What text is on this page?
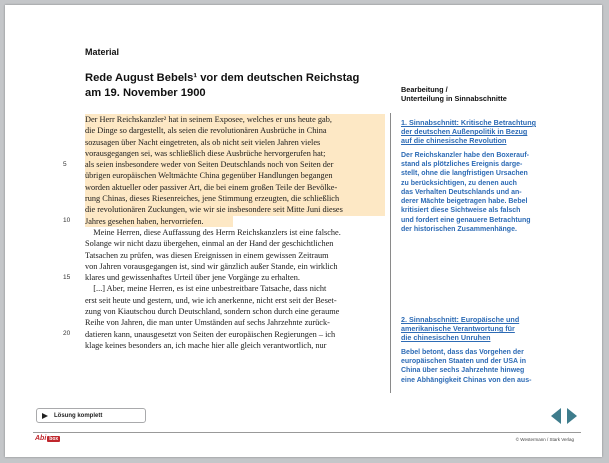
Material
Rede August Bebels¹ vor dem deutschen Reichstag
am 19. November 1900
5
10
15
20
Der Herr Reichskanzler² hat in seinem Exposee, welches er uns heute gab,
die Dinge so dargestellt, als seien die revolutionären Ausbrüche in China
sozusagen über Nacht eingetreten, als ob nicht seit vielen Jahren vieles
vorausgegangen sei, was schließlich diese Ausbrüche hervorgerufen hat;
als seien insbesondere weder von Seiten Deutschlands noch von Seiten der
übrigen europäischen Weltmächte China gegenüber Handlungen begangen
worden aktueller oder passiver Art, die bei einem großen Teile der Bevölke-
rung Chinas, dieses Riesenreiches, jene Stimmung erzeugten, die schließlich
die revolutionären Zuckungen, wie wir sie insbesondere seit Mitte Juni dieses
Jahres gesehen haben, hervorriefen.
Meine Herren, diese Auffassung des Herrn Reichskanzlers ist eine falsche.
Solange wir nicht dazu übergehen, einmal an der Hand der geschichtlichen
Tatsachen zu prüfen, was diesen Ereignissen in einem gewissen Zeitraum
von Jahren vorausgegangen ist, sind wir gänzlich außer Stande, ein wirklich
klares und gewissenhaftes Urteil über jene Vorgänge zu erhalten.
[...] Aber, meine Herren, es ist eine unbestreitbare Tatsache, dass nicht
erst seit heute und gestern, und, wie ich anerkenne, nicht erst seit der Beset-
zung von Kiautschou durch Deutschland, sondern schon durch eine geraume
Reihe von Jahren, die man unter Umständen auf sechs Jahrzehnte zurück-
datieren kann, unausgesetzt von Seiten der europäischen Regierungen – ich
klage keines besonders an, ich mache hier alle gleich verantwortlich, nur
Bearbeitung /
Unterteilung in Sinnabschnitte
1. Sinnabschnitt: Kritische Betrachtung
der deutschen Außenpolitik in Bezug
auf die chinesische Revolution
Der Reichskanzler habe den Boxerauf-
stand als plötzliches Ereignis darge-
stellt, ohne die langfristigen Ursachen
zu berücksichtigen, zu denen auch
das Verhalten Deutschlands und an-
derer Mächte beigetragen habe. Bebel
kritisiert diese Sichtweise als falsch
und fordert eine genauere Betrachtung
der historischen Zusammenhänge.
2. Sinnabschnitt: Europäische und
amerikanische Verantwortung für
die chinesischen Unruhen
Bebel betont, dass das Vorgehen der
europäischen Staaten und der USA in
China über sechs Jahrzehnte hinweg
eine Abhängigkeit Chinas von den aus-
Lösung komplett
Abi box	© Westermann / Stark Verlag
